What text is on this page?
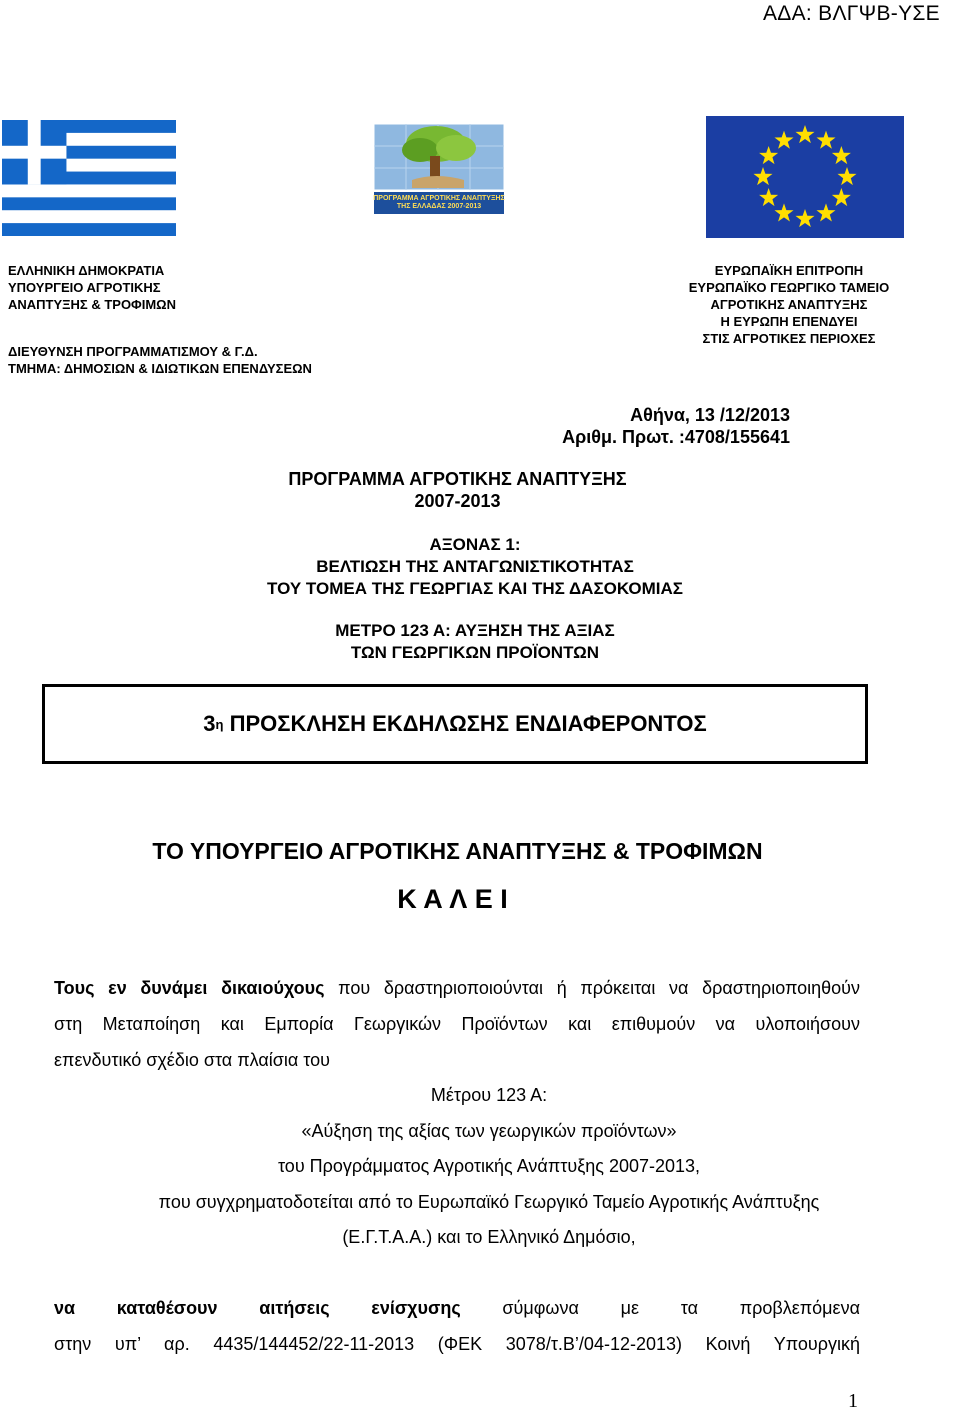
ΑΔΑ: ΒΛΓΨΒ-ΥΣΕ
ΠΡΟΓΡΑΜΜΑ ΑΓΡΟΤΙΚΗΣ ΑΝΑΠΤΥΞΗΣ
ΤΗΣ ΕΛΛΑΔΑΣ 2007-2013
ΕΛΛΗΝΙΚΗ ΔΗΜΟΚΡΑΤΙΑ
ΥΠΟΥΡΓΕΙΟ ΑΓΡΟΤΙΚΗΣ
ΑΝΑΠΤΥΞΗΣ & ΤΡΟΦΙΜΩΝ
ΔΙΕΥΘΥΝΣΗ ΠΡΟΓΡΑΜΜΑΤΙΣΜΟΥ & Γ.Δ.
ΤΜΗΜΑ: ΔΗΜΟΣΙΩΝ & ΙΔΙΩΤΙΚΩΝ ΕΠΕΝΔΥΣΕΩΝ
ΕΥΡΩΠΑΪΚΗ ΕΠΙΤΡΟΠΗ
ΕΥΡΩΠΑΪΚΟ ΓΕΩΡΓΙΚΟ ΤΑΜΕΙΟ
ΑΓΡΟΤΙΚΗΣ ΑΝΑΠΤΥΞΗΣ
Η ΕΥΡΩΠΗ ΕΠΕΝΔΥΕΙ
ΣΤΙΣ ΑΓΡΟΤΙΚΕΣ ΠΕΡΙΟΧΕΣ
Αθήνα, 13 /12/2013
Αριθμ. Πρωτ. :4708/155641
ΠΡΟΓΡΑΜΜΑ ΑΓΡΟΤΙΚΗΣ ΑΝΑΠΤΥΞΗΣ
2007-2013
ΑΞΟΝΑΣ 1:
ΒΕΛΤΙΩΣΗ ΤΗΣ ΑΝΤΑΓΩΝΙΣΤΙΚΟΤΗΤΑΣ
ΤΟΥ ΤΟΜΕΑ ΤΗΣ ΓΕΩΡΓΙΑΣ ΚΑΙ ΤΗΣ ΔΑΣΟΚΟΜΙΑΣ
ΜΕΤΡΟ 123 Α: ΑΥΞΗΣΗ ΤΗΣ ΑΞΙΑΣ
ΤΩΝ ΓΕΩΡΓΙΚΩΝ ΠΡΟΪΟΝΤΩΝ
3 η
ΠΡΟΣΚΛΗΣΗ ΕΚΔΗΛΩΣΗΣ ΕΝΔΙΑΦΕΡΟΝΤΟΣ
ΤΟ ΥΠΟΥΡΓΕΙΟ ΑΓΡΟΤΙΚΗΣ ΑΝΑΠΤΥΞΗΣ & ΤΡΟΦΙΜΩΝ
Κ Α Λ Ε Ι
Τους εν δυνάμει δικαιούχους που δραστηριοποιούνται ή πρόκειται να δραστηριοποιηθούν
στη Μεταποίηση και Εμπορία Γεωργικών Προϊόντων και επιθυμούν να υλοποιήσουν
επενδυτικό σχέδιο στα πλαίσια του
Μέτρου 123 Α:
«Αύξηση της αξίας των γεωργικών προϊόντων»
του Προγράμματος Αγροτικής Ανάπτυξης 2007-2013,
που συγχρηματοδοτείται από το Ευρωπαϊκό Γεωργικό Ταμείο Αγροτικής Ανάπτυξης
(Ε.Γ.Τ.Α.Α.) και το Ελληνικό Δημόσιο,
να καταθέσουν αιτήσεις ενίσχυσης σύμφωνα με τα προβλεπόμενα
στην υπ’ αρ. 4435/144452/22-11-2013 (ΦΕΚ 3078/τ.Β’/04-12-2013) Κοινή Υπουργική
1
